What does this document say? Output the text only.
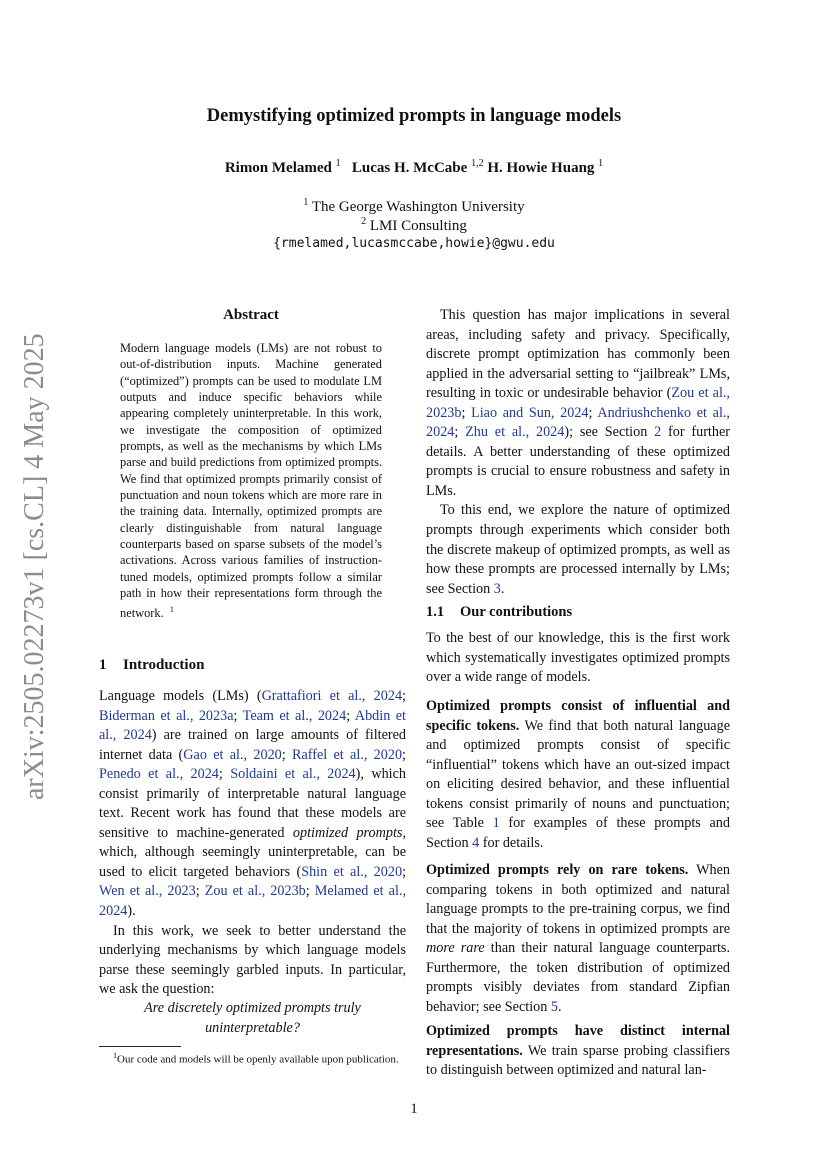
arXiv:2505.02273v1 [cs.CL] 4 May 2025
Demystifying optimized prompts in language models
Rimon Melamed $^1$ Lucas H. McCabe $^{1,2}$ H. Howie Huang $^1$
$^1$ The George Washington University
$^2$ LMI Consulting
{rmelamed,lucasmccabe,howie}@gwu.edu
Abstract
Modern language models (LMs) are not robust to out-of-distribution inputs. Machine generated (“optimized”) prompts can be used to modulate LM outputs and induce specific behaviors while appearing completely uninterpretable. In this work, we investigate the composition of optimized prompts, as well as the mechanisms by which LMs parse and build predictions from optimized prompts. We find that optimized prompts primarily consist of punctuation and noun tokens which are more rare in the training data. Internally, optimized prompts are clearly distinguishable from natural language counterparts based on sparse subsets of the model’s activations. Across various families of instruction-tuned models, optimized prompts follow a similar path in how their representations form through the network. $^1$
1 Introduction

Language models (LMs) (Grattafiori et al., 2024; Biderman et al., 2023a; Team et al., 2024; Abdin et al., 2024) are trained on large amounts of filtered internet data (Gao et al., 2020; Raffel et al., 2020; Penedo et al., 2024; Soldaini et al., 2024), which consist primarily of interpretable natural language text. Recent work has found that these models are sensitive to machine-generated optimized prompts, which, although seemingly uninterpretable, can be used to elicit targeted behaviors (Shin et al., 2020; Wen et al., 2023; Zou et al., 2023b; Melamed et al., 2024).

In this work, we seek to better understand the underlying mechanisms by which language models parse these seemingly garbled inputs. In particular, we ask the question:

Are discretely optimized prompts truly
uninterpretable?
$^1$Our code and models will be openly available upon publication.

This question has major implications in several areas, including safety and privacy. Specifically, discrete prompt optimization has commonly been applied in the adversarial setting to “jailbreak” LMs, resulting in toxic or undesirable behavior (Zou et al., 2023b; Liao and Sun, 2024; Andriushchenko et al., 2024; Zhu et al., 2024); see Section 2 for further details. A better understanding of these optimized prompts is crucial to ensure robustness and safety in LMs.

To this end, we explore the nature of optimized prompts through experiments which consider both the discrete makeup of optimized prompts, as well as how these prompts are processed internally by LMs; see Section 3.

1.1 Our contributions

To the best of our knowledge, this is the first work which systematically investigates optimized prompts over a wide range of models.

Optimized prompts consist of influential and specific tokens. We find that both natural language and optimized prompts consist of specific “influential” tokens which have an out-sized impact on eliciting desired behavior, and these influential tokens consist primarily of nouns and punctuation; see Table 1 for examples of these prompts and Section 4 for details.

Optimized prompts rely on rare tokens. When comparing tokens in both optimized and natural language prompts to the pre-training corpus, we find that the majority of tokens in optimized prompts are more rare than their natural language counterparts. Furthermore, the token distribution of optimized prompts visibly deviates from standard Zipfian behavior; see Section 5.

Optimized prompts have distinct internal representations. We train sparse probing classifiers to distinguish between optimized and natural lan-

1
